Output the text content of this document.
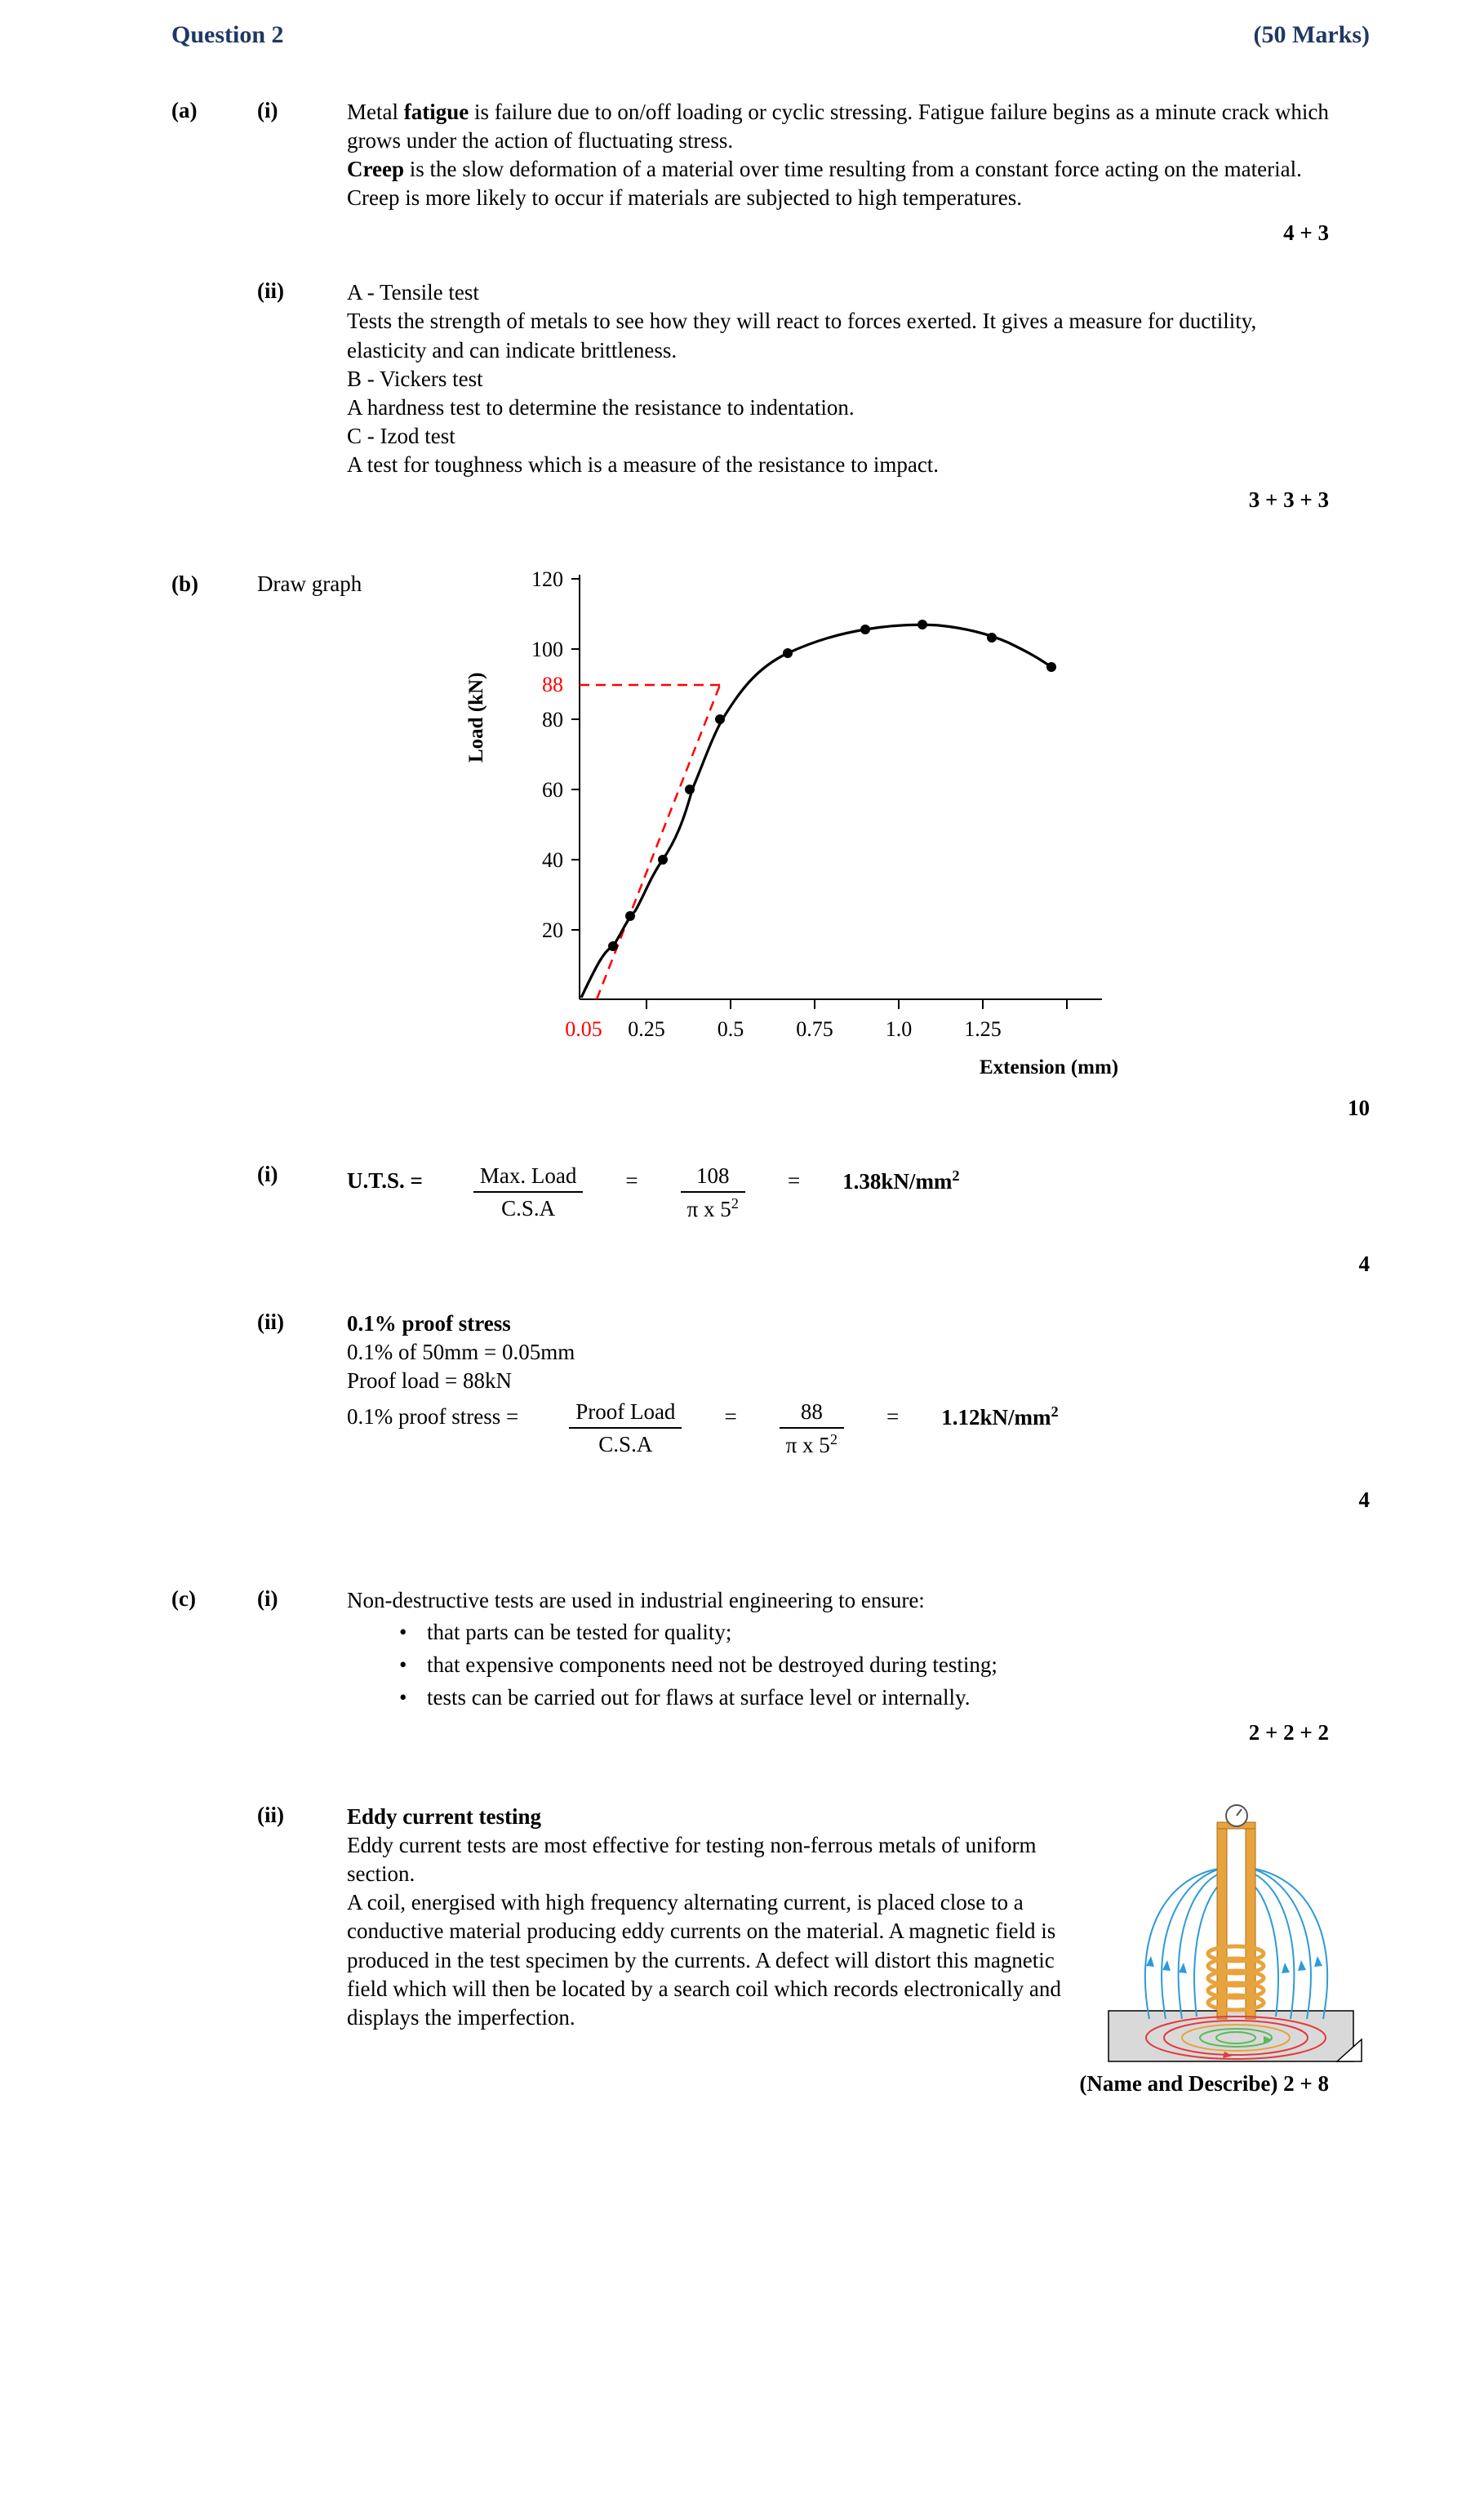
Question 2	(50 Marks)
(a)	(i)	Metal fatigue is failure due to on/off loading or cyclic stressing. Fatigue failure begins as a minute crack which grows under the action of fluctuating stress.

Creep is the slow deformation of a material over time resulting from a constant force acting on the material. Creep is more likely to occur if materials are subjected to high temperatures.

4 + 3
(ii)	A - Tensile test
Tests the strength of metals to see how they will react to forces exerted. It gives a measure for ductility, elasticity and can indicate brittleness.
B - Vickers test
A hardness test to determine the resistance to indentation.
C - Izod test
A test for toughness which is a measure of the resistance to impact.
3 + 3 + 3
(b)	Draw graph
Load (kN)
120
100
80
60
40
20
88
0.25 0.5 0.75 1.0 1.25
0.05
Extension (mm)
10
(i)	U.T.S. = $\frac{\text{Max. Load}}{C.S.A} = \frac{108}{\pi x 5^2} = 1.38kN/mm^2$
4
(ii)	0.1% proof stress
0.1% of 50mm = 0.05mm
Proof load = 88kN
0.1% proof stress = $\frac{\text{Proof Load}}{C.S.A} = \frac{88}{\pi x 5^2} = 1.12kN/mm^2$
4
(c)	(i)	Non-destructive tests are used in industrial engineering to ensure:
• that parts can be tested for quality;
• that expensive components need not be destroyed during testing;
• tests can be carried out for flaws at surface level or internally.
2 + 2 + 2
(ii)	Eddy current testing
Eddy current tests are most effective for testing non-ferrous metals of uniform section.
A coil, energised with high frequency alternating current, is placed close to a conductive material producing eddy currents on the material. A magnetic field is produced in the test specimen by the currents. A defect will distort this magnetic field which will then be located by a search coil which records electronically and displays the imperfection.
(Name and Describe) 2 + 8
